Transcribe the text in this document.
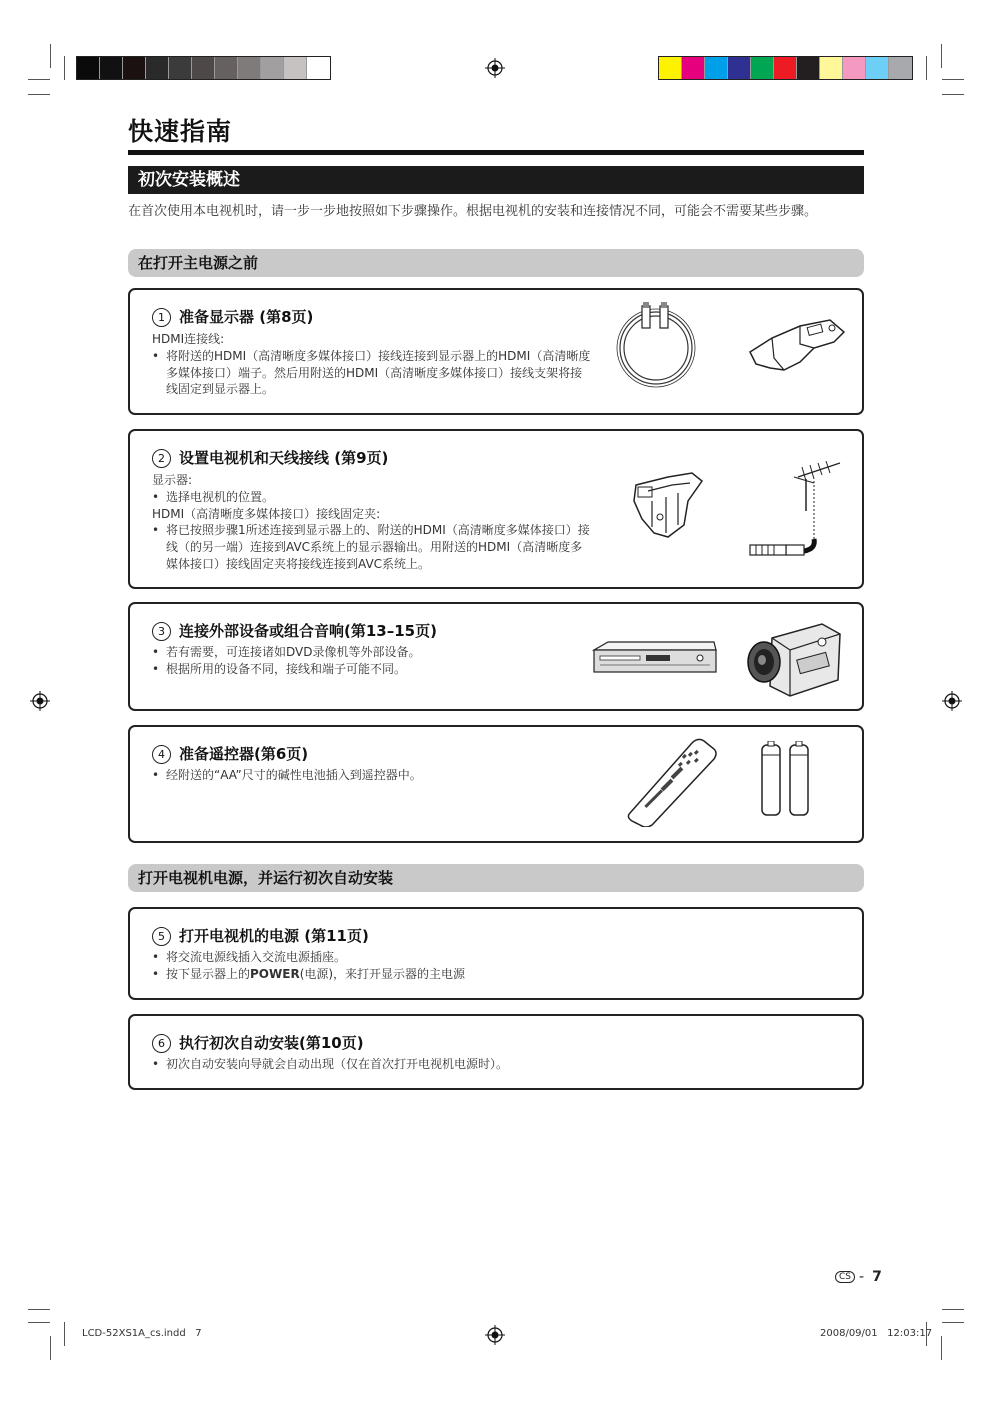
快速指南
初次安装概述
在首次使用本电视机时，请一步一步地按照如下步骤操作。根据电视机的安装和连接情况不同，可能会不需要某些步骤。
在打开主电源之前
1 准备显示器 (第8页)

HDMI连接线:

• 将附送的HDMI（高清晰度多媒体接口）接线连接到显示器上的HDMI（高清晰度多媒体接口）端子。然后用附送的HDMI（高清晰度多媒体接口）接线支架将接线固定到显示器上。

2 设置电视机和天线接线 (第9页)

显示器:

• 选择电视机的位置。

HDMI（高清晰度多媒体接口）接线固定夹:

• 将已按照步骤1所述连接到显示器上的、附送的HDMI（高清晰度多媒体接口）接线（的另一端）连接到AVC系统上的显示器输出。用附送的HDMI（高清晰度多媒体接口）接线固定夹将接线连接到AVC系统上。

3 连接外部设备或组合音响(第13–15页)

• 若有需要，可连接诸如DVD录像机等外部设备。

• 根据所用的设备不同，接线和端子可能不同。

4 准备遥控器(第6页)

• 经附送的“AA”尺寸的碱性电池插入到遥控器中。

打开电视机电源，并运行初次自动安装
5 打开电视机的电源 (第11页)

• 将交流电源线插入交流电源插座。

• 按下显示器上的POWER(电源)，来打开显示器的主电源

6 执行初次自动安装(第10页)

• 初次自动安装向导就会自动出现（仅在首次打开电视机电源时）。

CS - 7
LCD-52XS1A_cs.indd   7	2008/09/01   12:03:17
